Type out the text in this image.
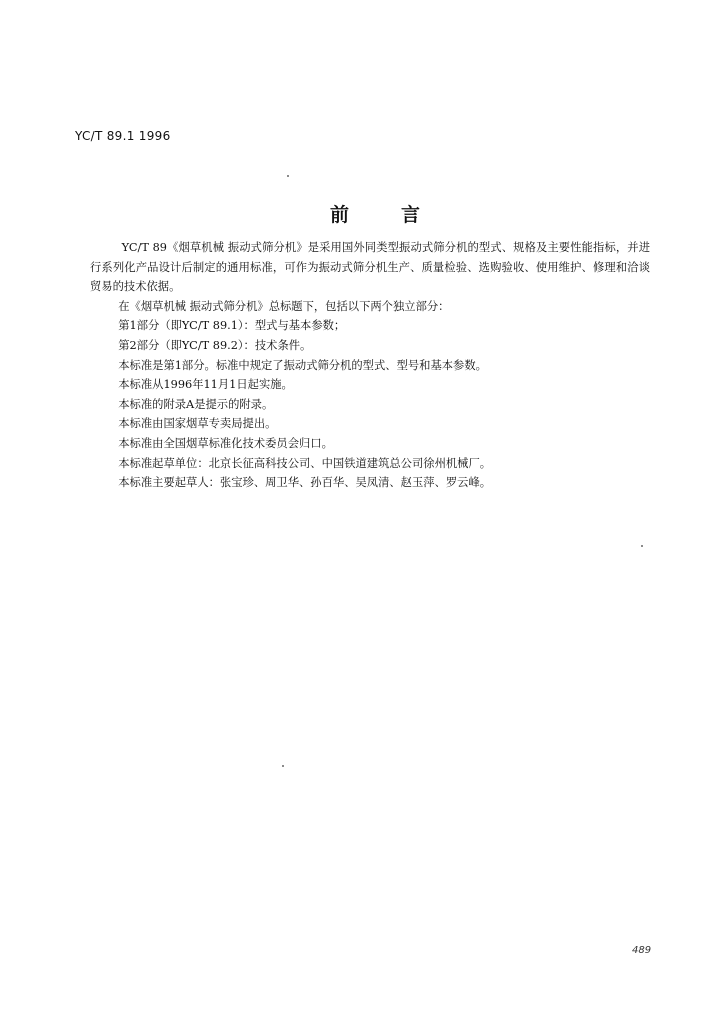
YC/T 89.1 1996
前言

YC/T 89《烟草机械 振动式筛分机》是采用国外同类型振动式筛分机的型式、规格及主要性能指标，并进行系列化产品设计后制定的通用标准，可作为振动式筛分机生产、质量检验、选购验收、使用维护、修理和洽谈贸易的技术依据。

在《烟草机械 振动式筛分机》总标题下，包括以下两个独立部分：

第1部分（即YC/T 89.1）：型式与基本参数；

第2部分（即YC/T 89.2）：技术条件。

本标准是第1部分。标准中规定了振动式筛分机的型式、型号和基本参数。

本标准从1996年11月1日起实施。

本标准的附录A是提示的附录。

本标准由国家烟草专卖局提出。

本标准由全国烟草标准化技术委员会归口。

本标准起草单位：北京长征高科技公司、中国铁道建筑总公司徐州机械厂。

本标准主要起草人：张宝珍、周卫华、孙百华、吴凤清、赵玉萍、罗云峰。

489
